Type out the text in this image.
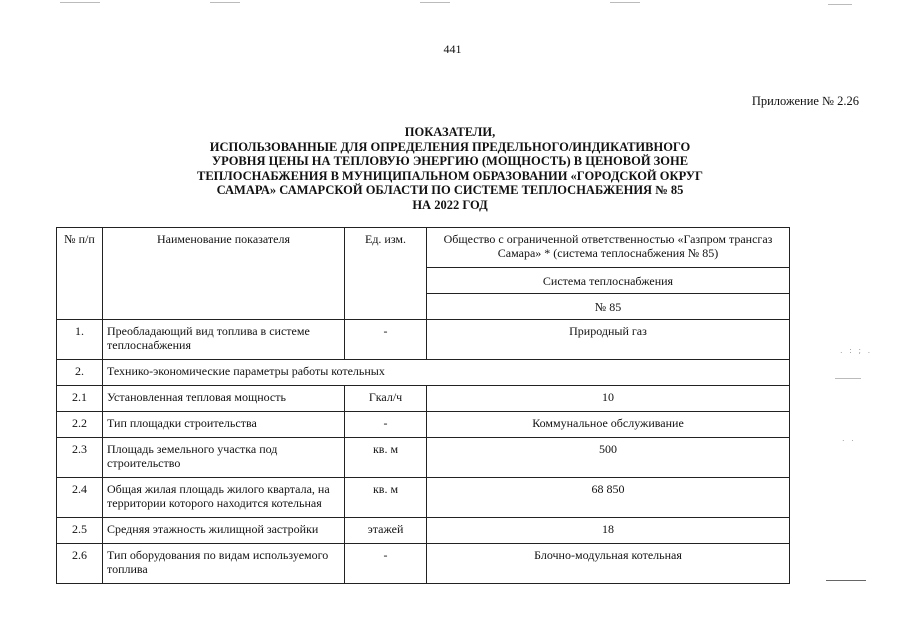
. : ; .
. .
441
Приложение № 2.26
ПОКАЗАТЕЛИ,
ИСПОЛЬЗОВАННЫЕ ДЛЯ ОПРЕДЕЛЕНИЯ ПРЕДЕЛЬНОГО/ИНДИКАТИВНОГО
УРОВНЯ ЦЕНЫ НА ТЕПЛОВУЮ ЭНЕРГИЮ (МОЩНОСТЬ) В ЦЕНОВОЙ ЗОНЕ
ТЕПЛОСНАБЖЕНИЯ В МУНИЦИПАЛЬНОМ ОБРАЗОВАНИИ «ГОРОДСКОЙ ОКРУГ
САМАРА» САМАРСКОЙ ОБЛАСТИ ПО СИСТЕМЕ ТЕПЛОСНАБЖЕНИЯ № 85
НА 2022 ГОД
№ п/п	Наименование показателя	Ед. изм.	Общество с ограниченной ответственностью «Газпром трансгаз Самара» * (система теплоснабжения № 85)
			Система теплоснабжения
			№ 85
1.	Преобладающий вид топлива в системе теплоснабжения	-	Природный газ
2.	Технико-экономические параметры работы котельных		
2.1	Установленная тепловая мощность	Гкал/ч	10
2.2	Тип площадки строительства	-	Коммунальное обслуживание
2.3	Площадь земельного участка под строительство	кв. м	500
2.4	Общая жилая площадь жилого квартала, на территории которого находится котельная	кв. м	68 850
2.5	Средняя этажность жилищной застройки	этажей	18
2.6	Тип оборудования по видам используемого топлива	-	Блочно-модульная котельная
